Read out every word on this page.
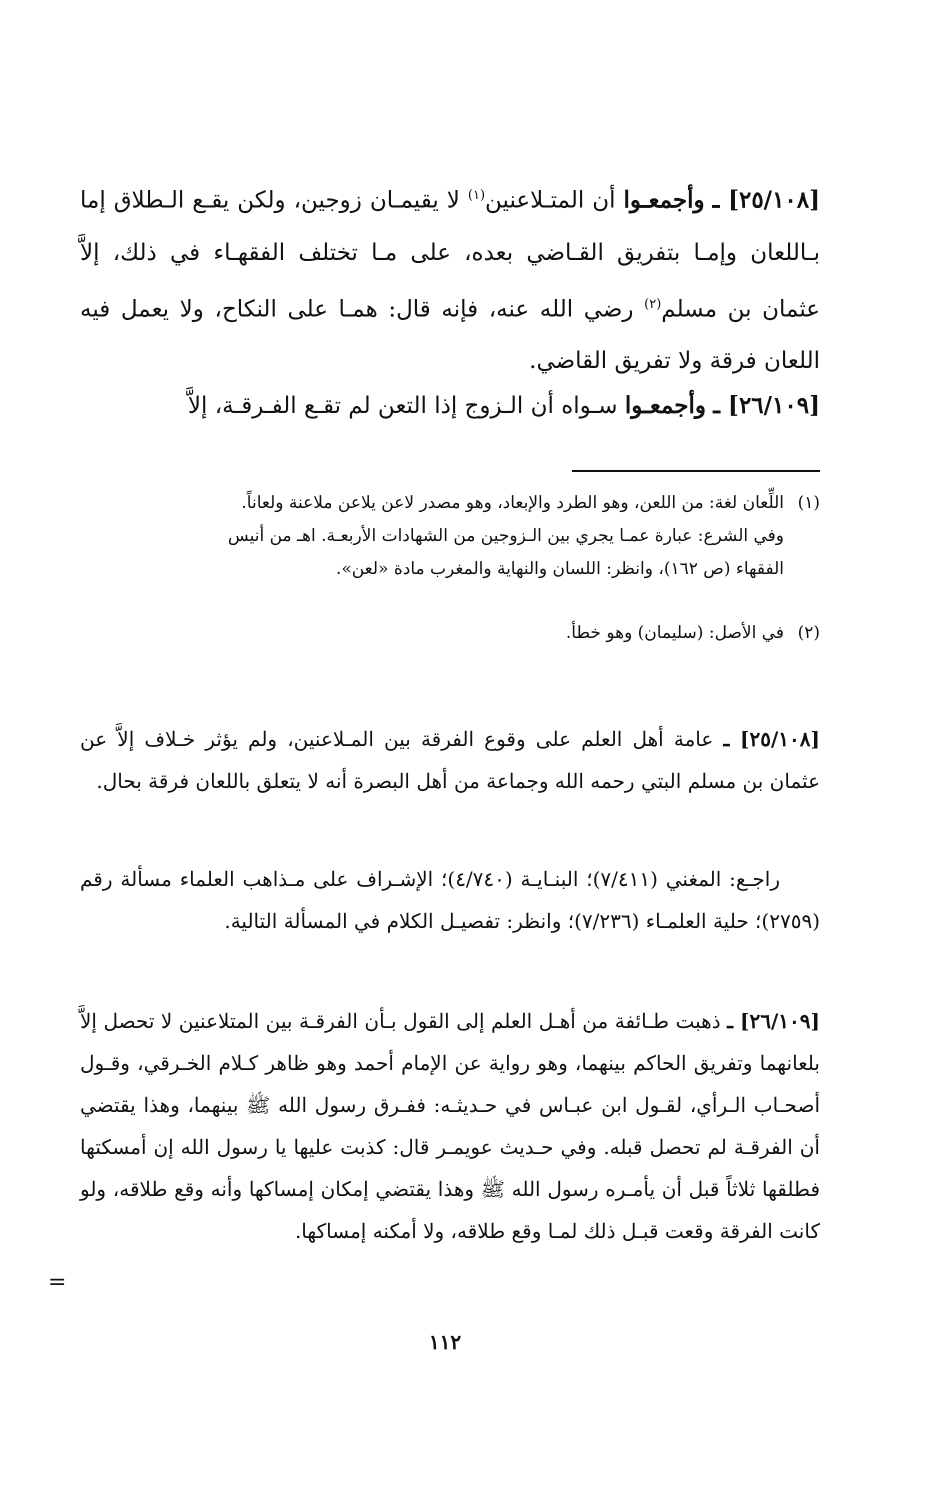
[٢٥/١٠٨] ـ وأجمعـوا أن المتـلاعنين$^{(١)}$ لا يقيمـان زوجين، ولكن يقـع الـطلاق إما بـاللعان وإمـا بتفريق القـاضي بعده، على مـا تختلف الفقهـاء في ذلك، إلاَّ عثمان بن مسلم$^{(٢)}$ رضي الله عنه، فإنه قال: همـا على النكاح، ولا يعمل فيه اللعان فرقة ولا تفريق القاضي.

[٢٦/١٠٩] ـ وأجمعـوا سـواه أن الـزوج إذا التعن لم تقـع الفـرقـة، إلاَّ

(١)اللِّعان لغة: من اللعن، وهو الطرد والإبعاد، وهو مصدر لاعن يلاعن ملاعنة ولعاناً.
وفي الشرع: عبارة عمـا يجري بين الـزوجين من الشهادات الأربعـة. اهـ من أنيس
الفقهاء (ص ١٦٢)، وانظر: اللسان والنهاية والمغرب مادة «لعن».
(٢)في الأصل: (سليمان) وهو خطأ.

[٢٥/١٠٨] ـ عامة أهل العلم على وقوع الفرقة بين المـلاعنين، ولم يؤثر خـلاف إلاَّ عن عثمان بن مسلم البتي رحمه الله وجماعة من أهل البصرة أنه لا يتعلق باللعان فرقة بحال.

راجـع: المغني (٧/٤١١)؛ البنـايـة (٤/٧٤٠)؛ الإشـراف على مـذاهب العلماء مسألة رقم (٢٧٥٩)؛ حلية العلمـاء (٧/٢٣٦)؛ وانظر: تفصيـل الكلام في المسألة التالية.

[٢٦/١٠٩] ـ ذهبت طـائفة من أهـل العلم إلى القول بـأن الفرقـة بين المتلاعنين لا تحصل إلاَّ بلعانهما وتفريق الحاكم بينهما، وهو رواية عن الإمام أحمد وهو ظاهر كـلام الخـرقي، وقـول أصحـاب الـرأي، لقـول ابن عبـاس في حـديثـه: ففـرق رسول الله ﷺ بينهما، وهذا يقتضي أن الفرقـة لم تحصل قبله. وفي حـديث عويمـر قال: كذبت عليها يا رسول الله إن أمسكتها فطلقها ثلاثاً قبل أن يأمـره رسول الله ﷺ وهذا يقتضي إمكان إمساكها وأنه وقع طلاقه، ولو كانت الفرقة وقعت قبـل ذلك لمـا وقع طلاقه، ولا أمكنه إمساكها.

=
١١٢
